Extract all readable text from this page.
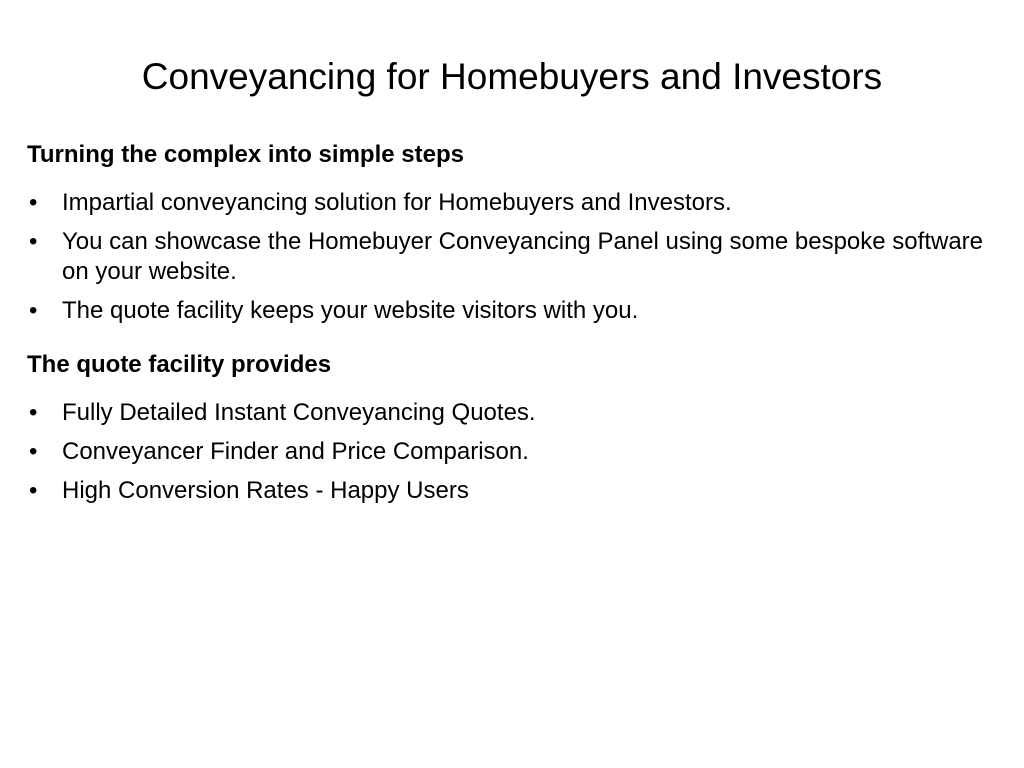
Conveyancing for Homebuyers and Investors
Turning the complex into simple steps
• Impartial conveyancing solution for Homebuyers and Investors.
• You can showcase the Homebuyer Conveyancing Panel using some bespoke software on your website.
• The quote facility keeps your website visitors with you.
The quote facility provides
• Fully Detailed Instant Conveyancing Quotes.
• Conveyancer Finder and Price Comparison.
• High Conversion Rates - Happy Users
